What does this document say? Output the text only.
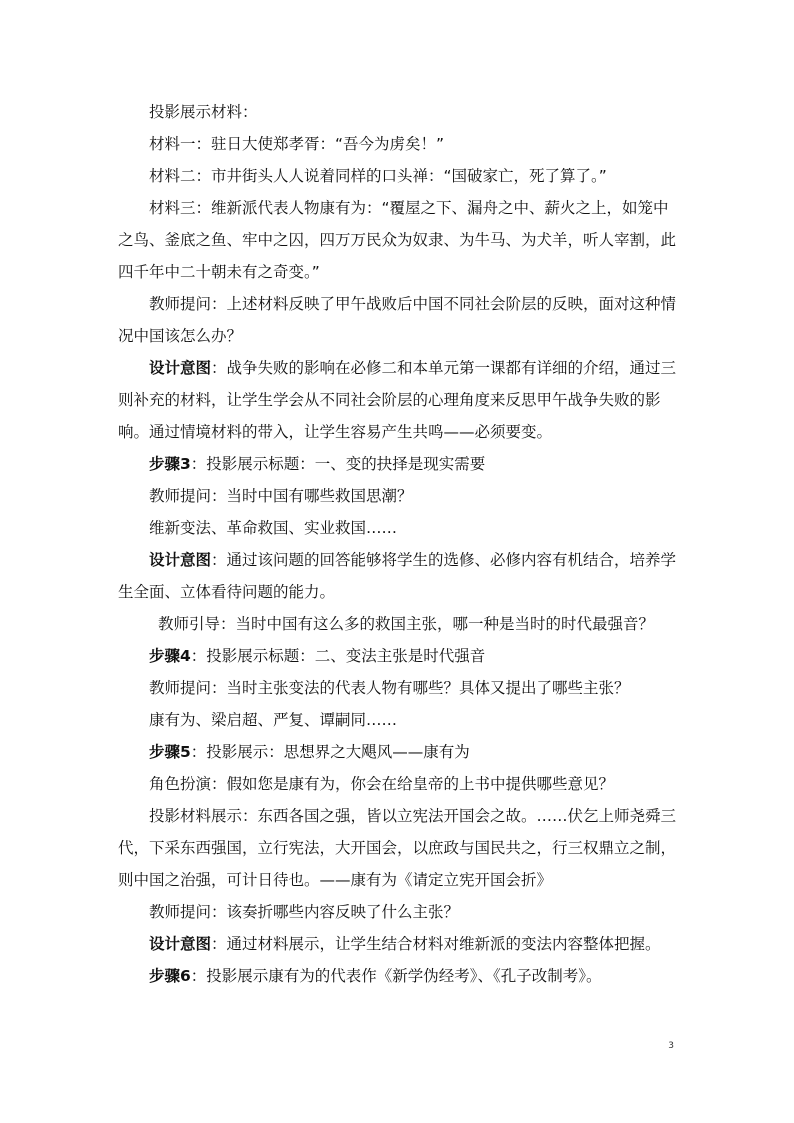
投影展示材料：

材料一：驻日大使郑孝胥：“吾今为虏矣！”

材料二：市井街头人人说着同样的口头禅：“国破家亡，死了算了。”

材料三：维新派代表人物康有为：“覆屋之下、漏舟之中、薪火之上，如笼中之鸟、釜底之鱼、牢中之囚，四万万民众为奴隶、为牛马、为犬羊，听人宰割，此四千年中二十朝未有之奇变。”

教师提问：上述材料反映了甲午战败后中国不同社会阶层的反映，面对这种情况中国该怎么办？

设计意图：战争失败的影响在必修二和本单元第一课都有详细的介绍，通过三则补充的材料，让学生学会从不同社会阶层的心理角度来反思甲午战争失败的影响。通过情境材料的带入，让学生容易产生共鸣——必须要变。

步骤3：投影展示标题：一、变的抉择是现实需要

教师提问：当时中国有哪些救国思潮？

维新变法、革命救国、实业救国……

设计意图：通过该问题的回答能够将学生的选修、必修内容有机结合，培养学生全面、立体看待问题的能力。

教师引导：当时中国有这么多的救国主张，哪一种是当时的时代最强音？

步骤4：投影展示标题：二、变法主张是时代强音

教师提问：当时主张变法的代表人物有哪些？具体又提出了哪些主张？

康有为、梁启超、严复、谭嗣同……

步骤5：投影展示：思想界之大飓风——康有为

角色扮演：假如您是康有为，你会在给皇帝的上书中提供哪些意见？

投影材料展示：东西各国之强，皆以立宪法开国会之故。……伏乞上师尧舜三代，下采东西强国，立行宪法，大开国会，以庶政与国民共之，行三权鼎立之制，则中国之治强，可计日待也。——康有为《请定立宪开国会折》

教师提问：该奏折哪些内容反映了什么主张？

设计意图：通过材料展示，让学生结合材料对维新派的变法内容整体把握。

步骤6：投影展示康有为的代表作《新学伪经考》、《孔子改制考》。

3
